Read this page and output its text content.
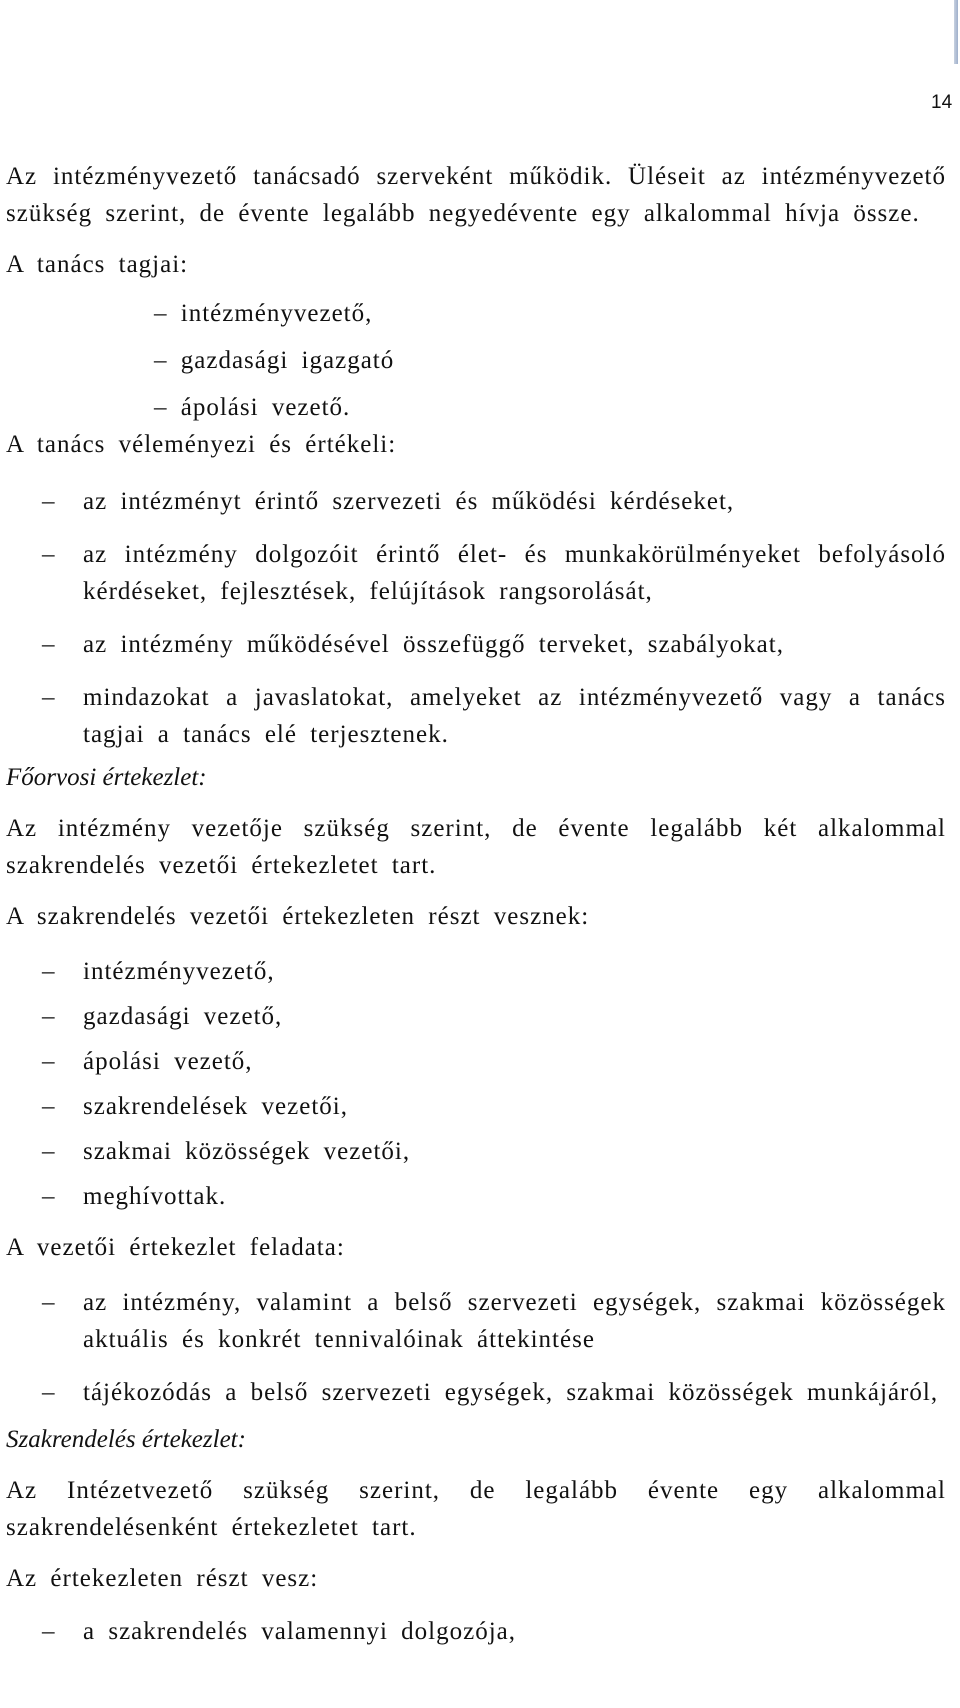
14

Az intézményvezető tanácsadó szerveként működik. Üléseit az intézményvezető szükség szerint, de évente legalább negyedévente egy alkalommal hívja össze.

A tanács tagjai:

– intézményvezető,
– gazdasági igazgató
– ápolási vezető.

A tanács véleményezi és értékeli:

– az intézményt érintő szervezeti és működési kérdéseket,
– az intézmény dolgozóit érintő élet- és munkakörülményeket befolyásoló kérdéseket, fejlesztések, felújítások rangsorolását,
– az intézmény működésével összefüggő terveket, szabályokat,
– mindazokat a javaslatokat, amelyeket az intézményvezető vagy a tanács tagjai a tanács elé terjesztenek.

Főorvosi értekezlet:

Az intézmény vezetője szükség szerint, de évente legalább két alkalommal szakrendelés vezetői értekezletet tart.

A szakrendelés vezetői értekezleten részt vesznek:

– intézményvezető,
– gazdasági vezető,
– ápolási vezető,
– szakrendelések vezetői,
– szakmai közösségek vezetői,
– meghívottak.

A vezetői értekezlet feladata:

– az intézmény, valamint a belső szervezeti egységek, szakmai közösségek aktuális és konkrét tennivalóinak áttekintése
– tájékozódás a belső szervezeti egységek, szakmai közösségek munkájáról,

Szakrendelés értekezlet:

Az Intézetvezető szükség szerint, de legalább évente egy alkalommal szakrendelésenként értekezletet tart.

Az értekezleten részt vesz:

– a szakrendelés valamennyi dolgozója,
